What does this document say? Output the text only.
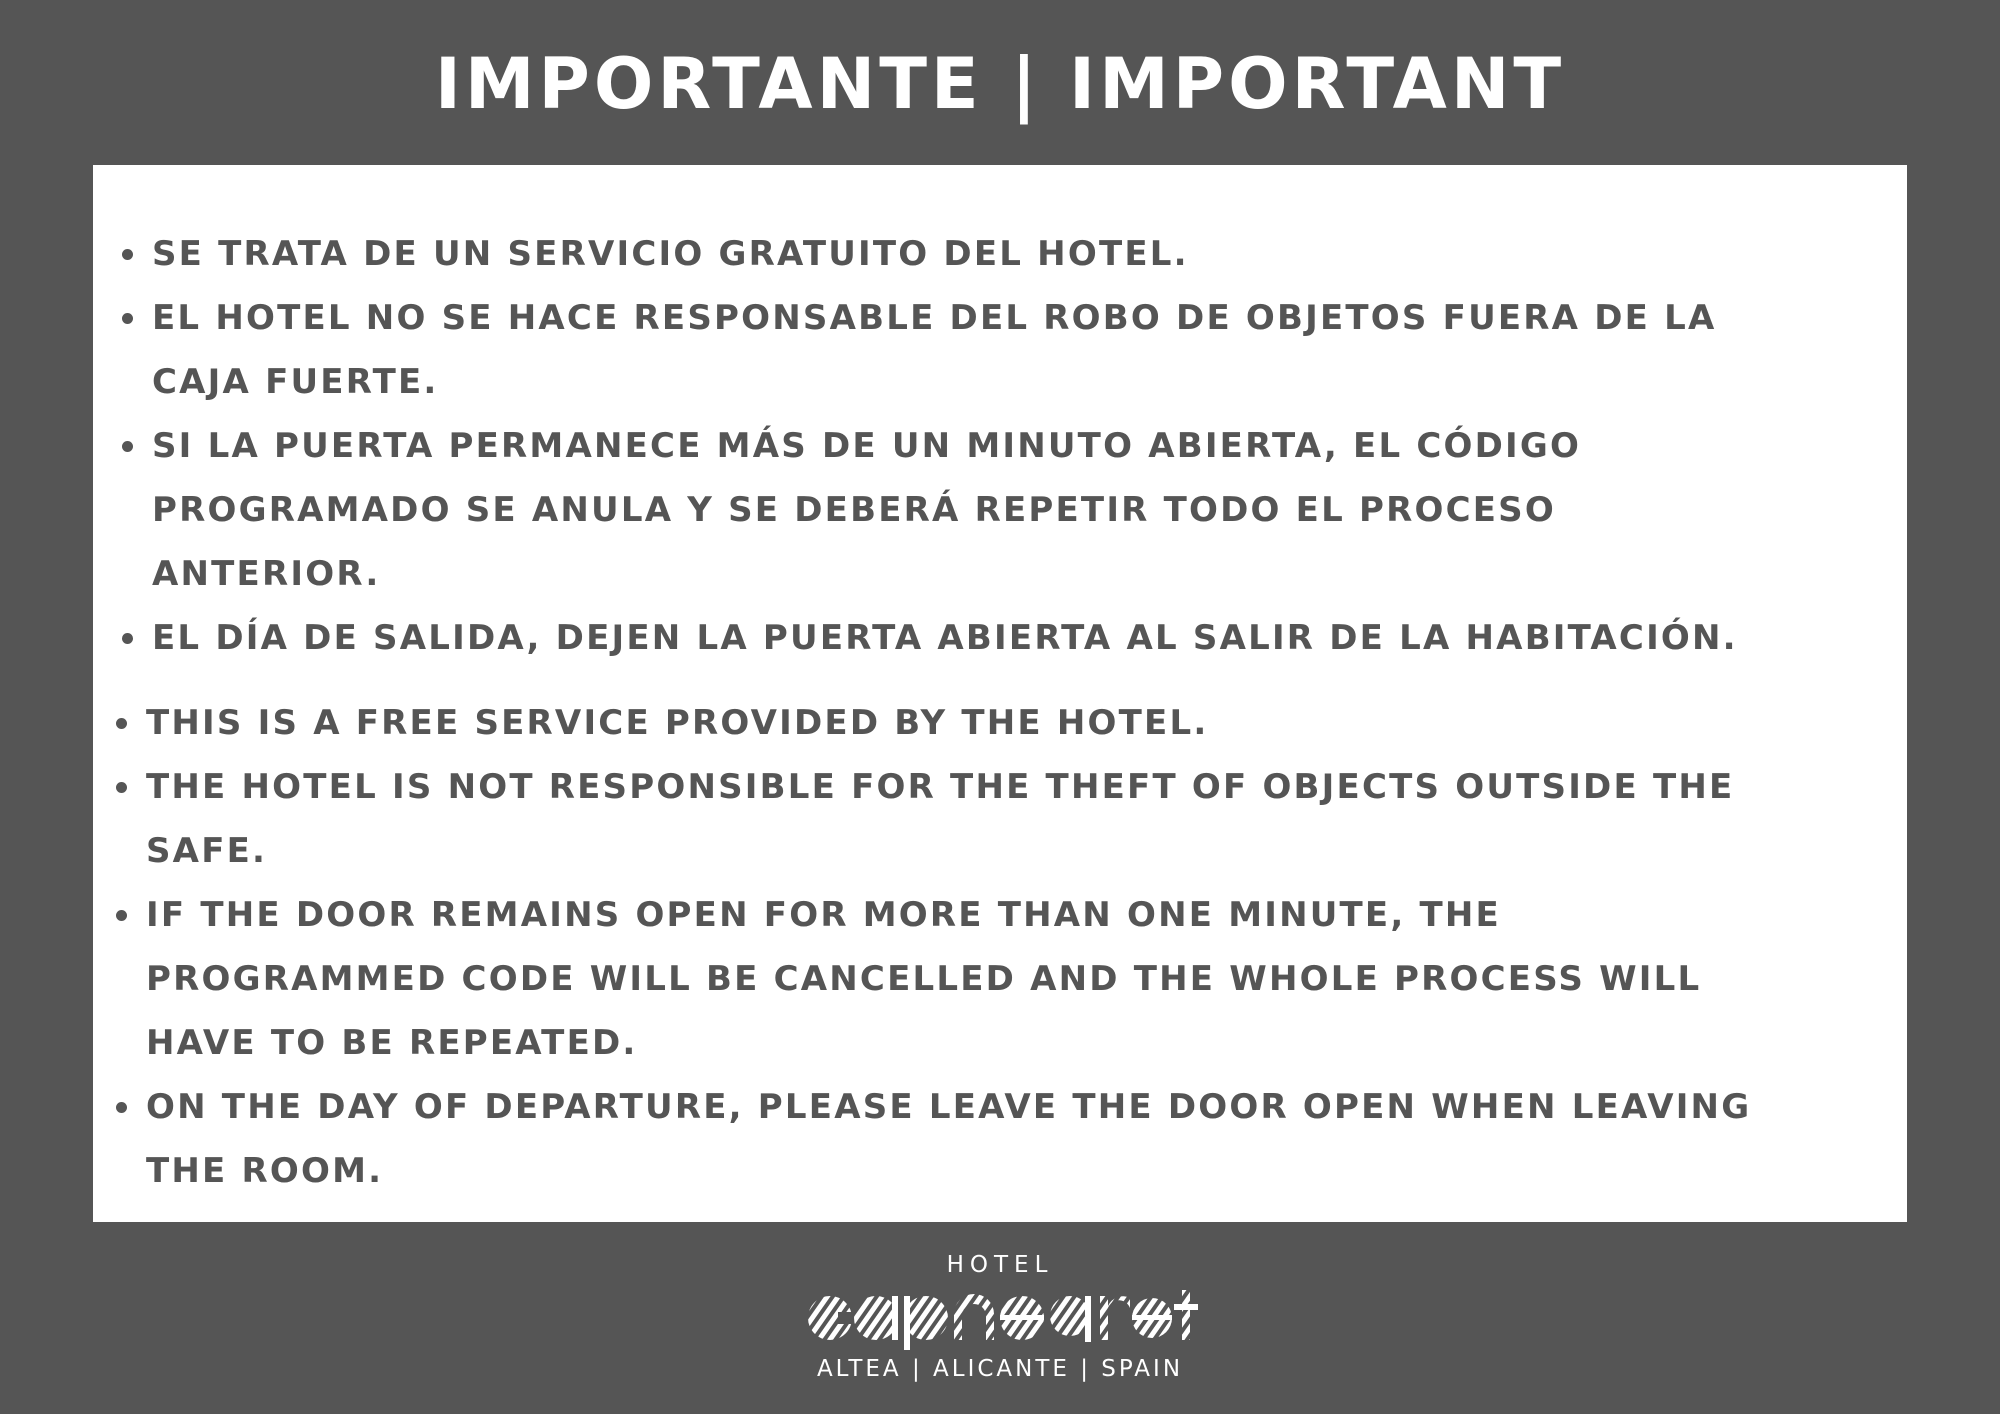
IMPORTANTE | IMPORTANT
SE TRATA DE UN SERVICIO GRATUITO DEL HOTEL.
EL HOTEL NO SE HACE RESPONSABLE DEL ROBO DE OBJETOS FUERA DE LA CAJA FUERTE.
SI LA PUERTA PERMANECE MÁS DE UN MINUTO ABIERTA, EL CÓDIGO PROGRAMADO SE ANULA Y SE DEBERÁ REPETIR TODO EL PROCESO ANTERIOR.
EL DÍA DE SALIDA, DEJEN LA PUERTA ABIERTA AL SALIR DE LA HABITACIÓN.
THIS IS A FREE SERVICE PROVIDED BY THE HOTEL.
THE HOTEL IS NOT RESPONSIBLE FOR THE THEFT OF OBJECTS OUTSIDE THE SAFE.
IF THE DOOR REMAINS OPEN FOR MORE THAN ONE MINUTE, THE PROGRAMMED CODE WILL BE CANCELLED AND THE WHOLE PROCESS WILL HAVE TO BE REPEATED.
ON THE DAY OF DEPARTURE, PLEASE LEAVE THE DOOR OPEN WHEN LEAVING THE ROOM.
HOTEL
ALTEA | ALICANTE | SPAIN
